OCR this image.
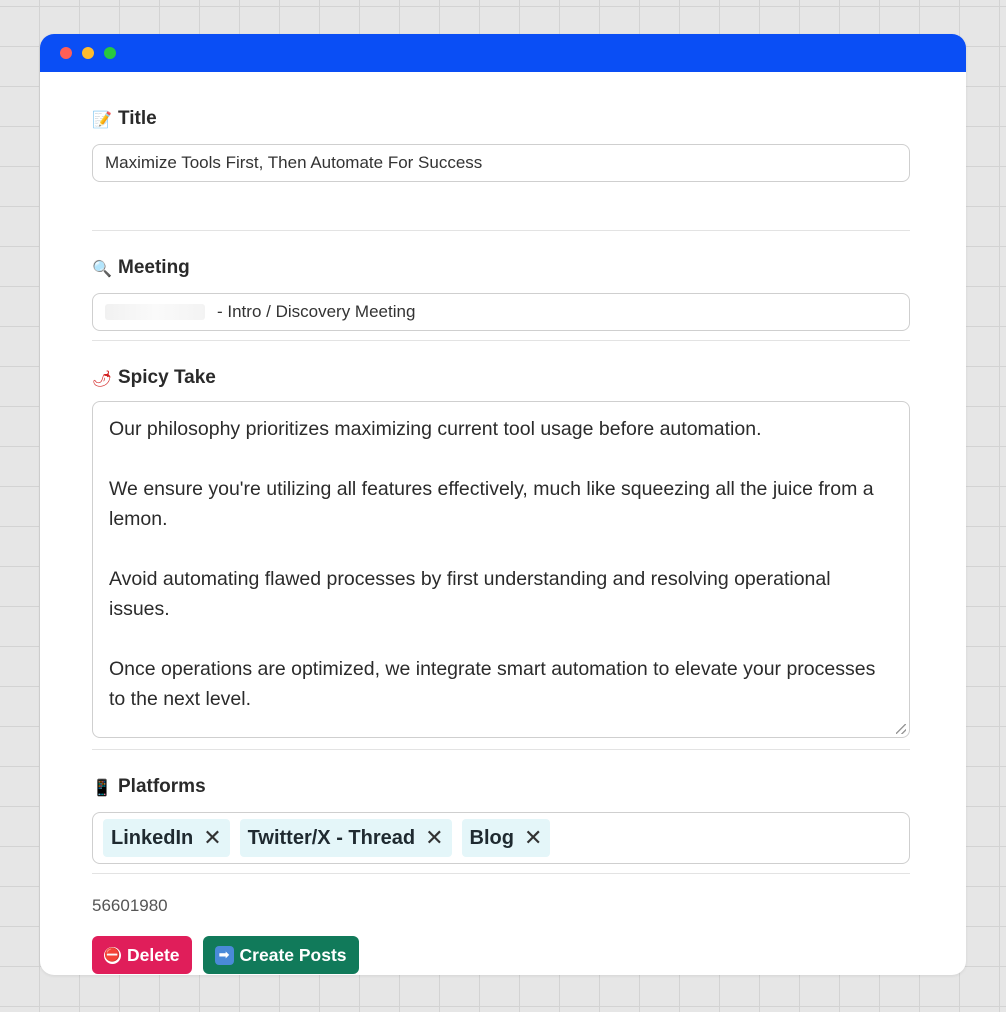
📝 Title
Maximize Tools First, Then Automate For Success
🔍 Meeting
- Intro / Discovery Meeting
🌶 Spicy Take
Our philosophy prioritizes maximizing current tool usage before automation.

We ensure you're utilizing all features effectively, much like squeezing all the juice from a lemon.

Avoid automating flawed processes by first understanding and resolving operational issues.

Once operations are optimized, we integrate smart automation to elevate your processes to the next level.
📱 Platforms
LinkedIn ✕ Twitter/X - Thread ✕ Blog ✕
56601980
⛔ Delete	➡ Create Posts
